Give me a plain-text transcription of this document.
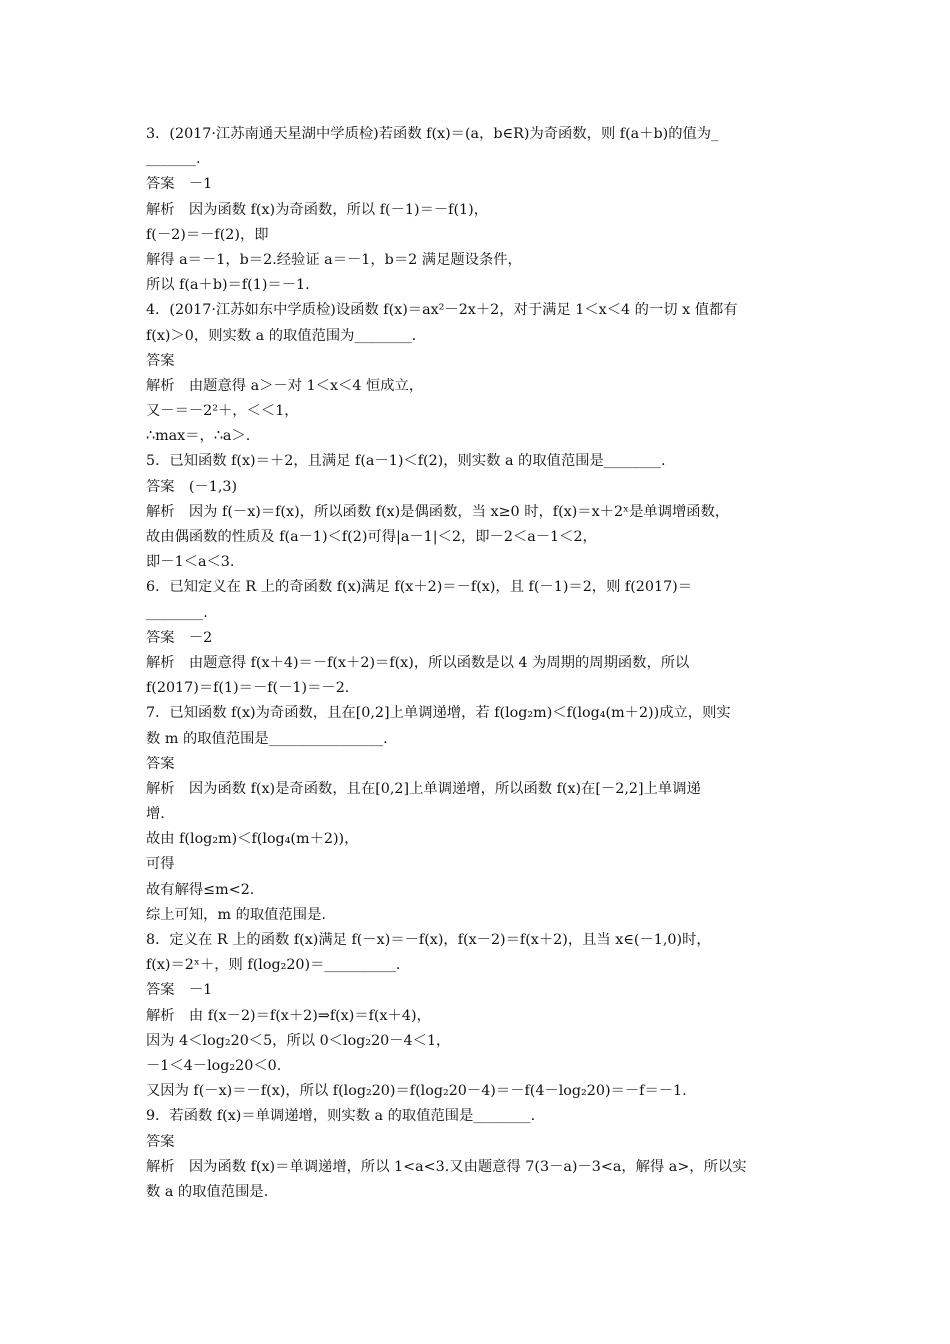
3．(2017·江苏南通天星湖中学质检)若函数 f(x)＝(a，b∈R)为奇函数，则 f(a＋b)的值为_
_______.
答案　－1
解析　因为函数 f(x)为奇函数，所以 f(－1)＝－f(1)，
f(－2)＝－f(2)，即
解得 a＝－1，b＝2.经验证 a＝－1，b＝2 满足题设条件，
所以 f(a＋b)＝f(1)＝－1.
4．(2017·江苏如东中学质检)设函数 f(x)＝ax²－2x＋2，对于满足 1＜x＜4 的一切 x 值都有
f(x)＞0，则实数 a 的取值范围为________.
答案
解析　由题意得 a＞－对 1＜x＜4 恒成立，
又－＝－2²＋，＜＜1，
∴max＝，∴a＞.
5．已知函数 f(x)＝＋2，且满足 f(a－1)＜f(2)，则实数 a 的取值范围是________.
答案　(－1,3)
解析　因为 f(－x)＝f(x)，所以函数 f(x)是偶函数，当 x≥0 时，f(x)＝x＋2ˣ是单调增函数，
故由偶函数的性质及 f(a－1)＜f(2)可得|a－1|＜2，即－2＜a－1＜2，
即－1＜a＜3.
6．已知定义在 R 上的奇函数 f(x)满足 f(x＋2)＝－f(x)，且 f(－1)＝2，则 f(2017)＝
________.
答案　－2
解析　由题意得 f(x＋4)＝－f(x＋2)＝f(x)，所以函数是以 4 为周期的周期函数，所以
f(2017)＝f(1)＝－f(－1)＝－2.
7．已知函数 f(x)为奇函数，且在[0,2]上单调递增，若 f(log₂m)＜f(log₄(m＋2))成立，则实
数 m 的取值范围是________________.
答案
解析　因为函数 f(x)是奇函数，且在[0,2]上单调递增，所以函数 f(x)在[－2,2]上单调递
增.
故由 f(log₂m)＜f(log₄(m＋2))，
可得
故有解得≤m<2.
综上可知，m 的取值范围是.
8．定义在 R 上的函数 f(x)满足 f(－x)＝－f(x)，f(x－2)＝f(x＋2)，且当 x∈(－1,0)时，
f(x)＝2ˣ＋，则 f(log₂20)＝__________.
答案　－1
解析　由 f(x－2)＝f(x＋2)⇒f(x)＝f(x＋4)，
因为 4＜log₂20＜5，所以 0＜log₂20－4＜1，
－1＜4－log₂20＜0.
又因为 f(－x)＝－f(x)，所以 f(log₂20)＝f(log₂20－4)＝－f(4－log₂20)＝－f＝－1.
9．若函数 f(x)＝单调递增，则实数 a 的取值范围是________.
答案
解析　因为函数 f(x)＝单调递增，所以 1<a<3.又由题意得 7(3－a)－3<a，解得 a>，所以实
数 a 的取值范围是.
